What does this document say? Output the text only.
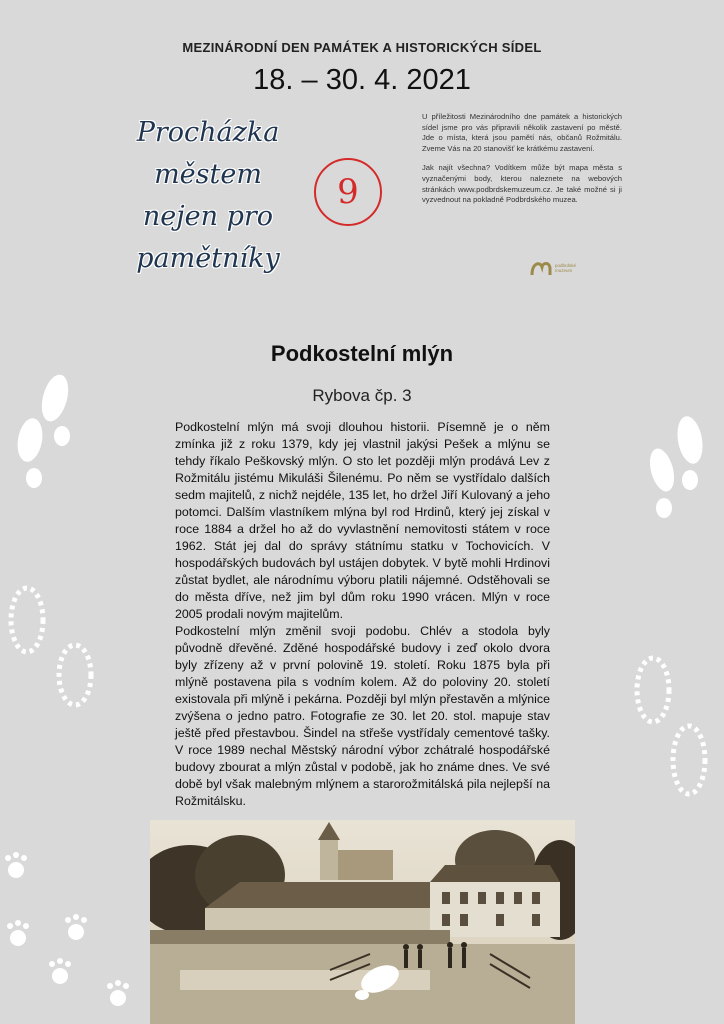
MEZINÁRODNÍ DEN PAMÁTEK A HISTORICKÝCH SÍDEL
18. – 30. 4. 2021
Procházka
městem
nejen pro
pamětníky
9

U příležitosti Mezinárodního dne památek a historických sídel jsme pro vás připravili několik zastavení po městě. Jde o místa, která jsou pamětí nás, občanů Rožmitálu. Zveme Vás na 20 stanovišť ke krátkému zastavení.

Jak najít všechna? Vodítkem může být mapa města s vyznačenými body, kterou naleznete na webových stránkách www.podbrdskemuzeum.cz. Je také možné si ji vyzvednout na pokladně Podbrdského muzea.

podbrdské muzeum
Podkostelní mlýn
Rybova čp. 3

Podkostelní mlýn má svoji dlouhou historii. Písemně je o něm zmínka již z roku 1379, kdy jej vlastnil jakýsi Pešek a mlýnu se tehdy říkalo Peškovský mlýn. O sto let později mlýn prodává Lev z Rožmitálu jistému Mikuláši Šilenému. Po něm se vystřídalo dalších sedm majitelů, z nichž nejdéle, 135 let, ho držel Jiří Kulovaný a jeho potomci. Dalším vlastníkem mlýna byl rod Hrdinů, který jej získal v roce 1884 a držel ho až do vyvlastnění nemovitosti státem v roce 1962. Stát jej dal do správy státnímu statku v Tochovicích. V hospodářských budovách byl ustájen dobytek. V bytě mohli Hrdinovi zůstat bydlet, ale národnímu výboru platili nájemné. Odstěhovali se do města dříve, než jim byl dům roku 1990 vrácen. Mlýn v roce 2005 prodali novým majitelům.

Podkostelní mlýn změnil svoji podobu. Chlév a stodola byly původně dřevěné. Zděné hospodářské budovy i zeď okolo dvora byly zřízeny až v první polovině 19. století. Roku 1875 byla při mlýně postavena pila s vodním kolem. Až do poloviny 20. století existovala při mlýně i pekárna. Později byl mlýn přestavěn a mlýnice zvýšena o jedno patro. Fotografie ze 30. let 20. stol. mapuje stav ještě před přestavbou. Šindel na střeše vystřídaly cementové tašky. V roce 1989 nechal Městský národní výbor zchátralé hospodářské budovy zbourat a mlýn zůstal v podobě, jak ho známe dnes. Ve své době byl však malebným mlýnem a starorožmitálská pila nejlepší na Rožmitálsku.
